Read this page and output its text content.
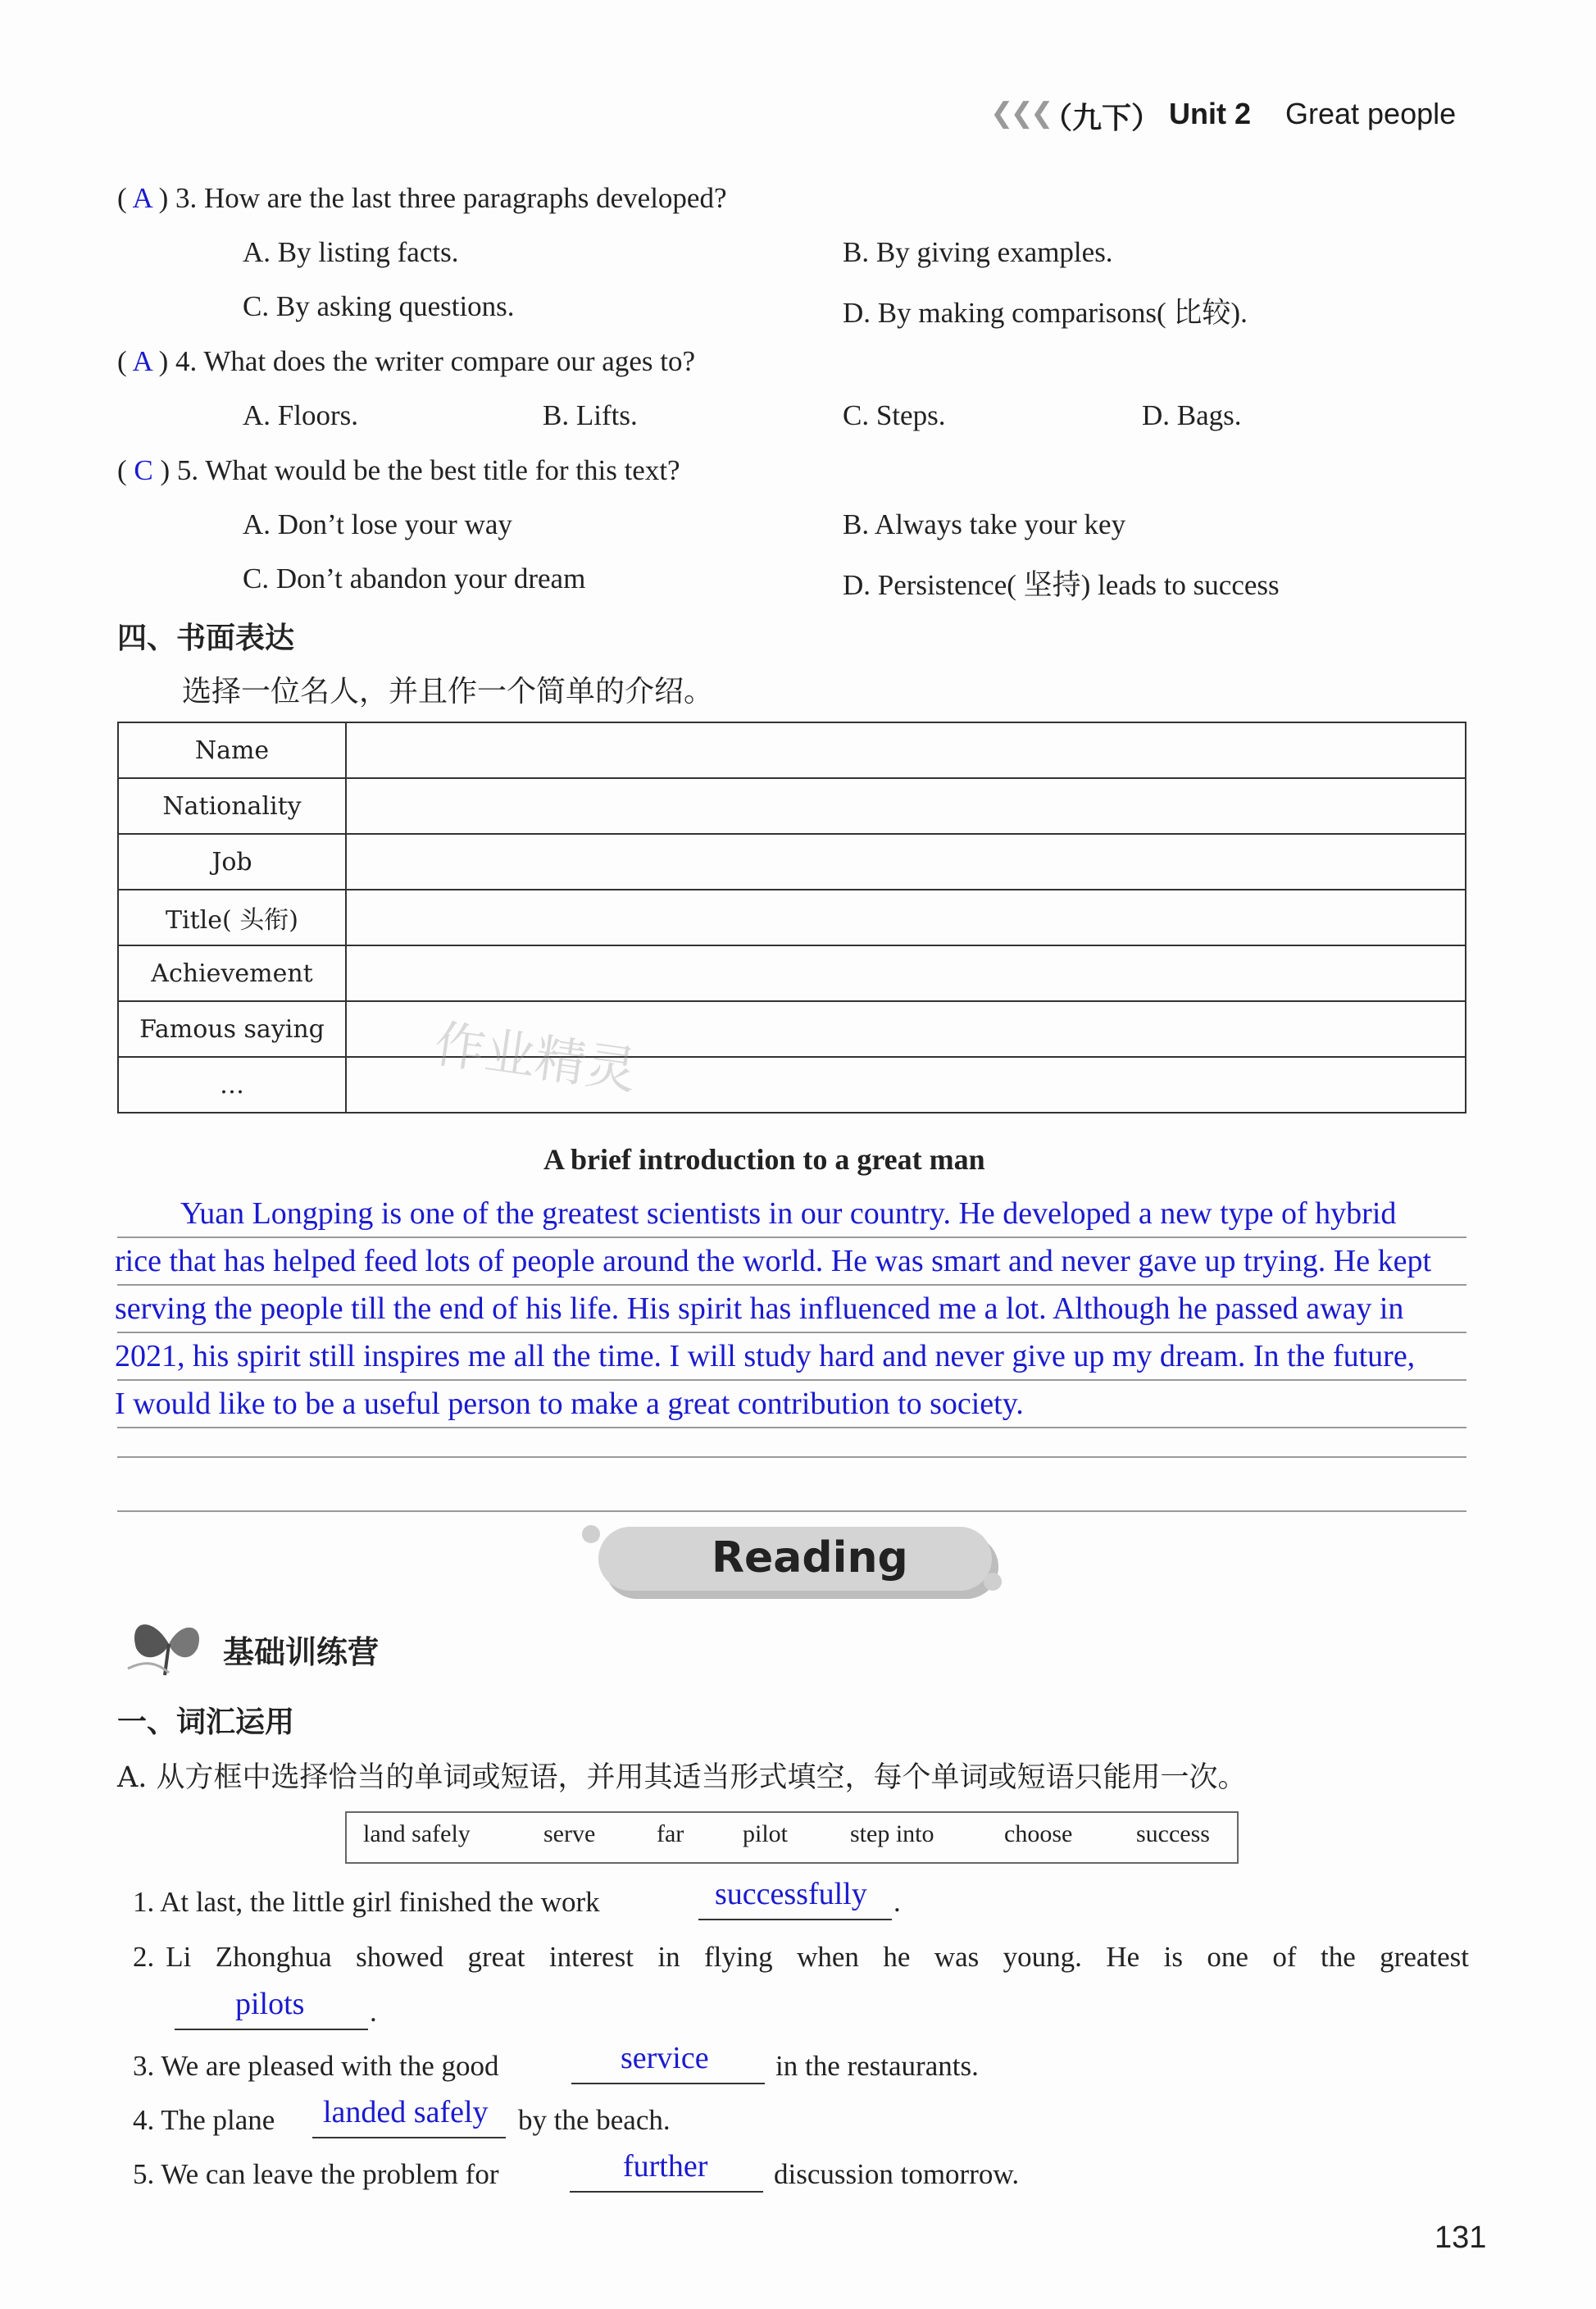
❮❮❮
（九下） Unit 2 Great people
( A ) 3. How are the last three paragraphs developed?
A. By listing facts.	B. By giving examples.
C. By asking questions.	D. By making comparisons( 比较).
( A ) 4. What does the writer compare our ages to?
A. Floors.	B. Lifts.	C. Steps.	D. Bags.
( C ) 5. What would be the best title for this text?
A. Don’t lose your way	B. Always take your key
C. Don’t abandon your dream	D. Persistence( 坚持) leads to success
四、书面表达
选择一位名人，并且作一个简单的介绍。
Name	
Nationality	
Job	
Title( 头衔)	
Achievement	
Famous saying	
…		作业精灵
A brief introduction to a great man
Yuan Longping is one of the greatest scientists in our country. He developed a new type of hybrid
rice that has helped feed lots of people around the world. He was smart and never gave up trying. He kept
serving the people till the end of his life. His spirit has influenced me a lot. Although he passed away in
2021, his spirit still inspires me all the time. I will study hard and never give up my dream. In the future,
I would like to be a useful person to make a great contribution to society.
Reading
基础训练营
一、词汇运用
A. 从方框中选择恰当的单词或短语，并用其适当形式填空，每个单词或短语只能用一次。
land safely	serve far pilot	step into	choose	success
1. At last, the little girl finished the work	successfully .
2. Li Zhonghua showed great interest in flying when he was young. He is one of the greatest
pilots .
3. We are pleased with the good	service in the restaurants.
4. The plane landed safely by the beach.
5. We can leave the problem for	further discussion tomorrow.
131
